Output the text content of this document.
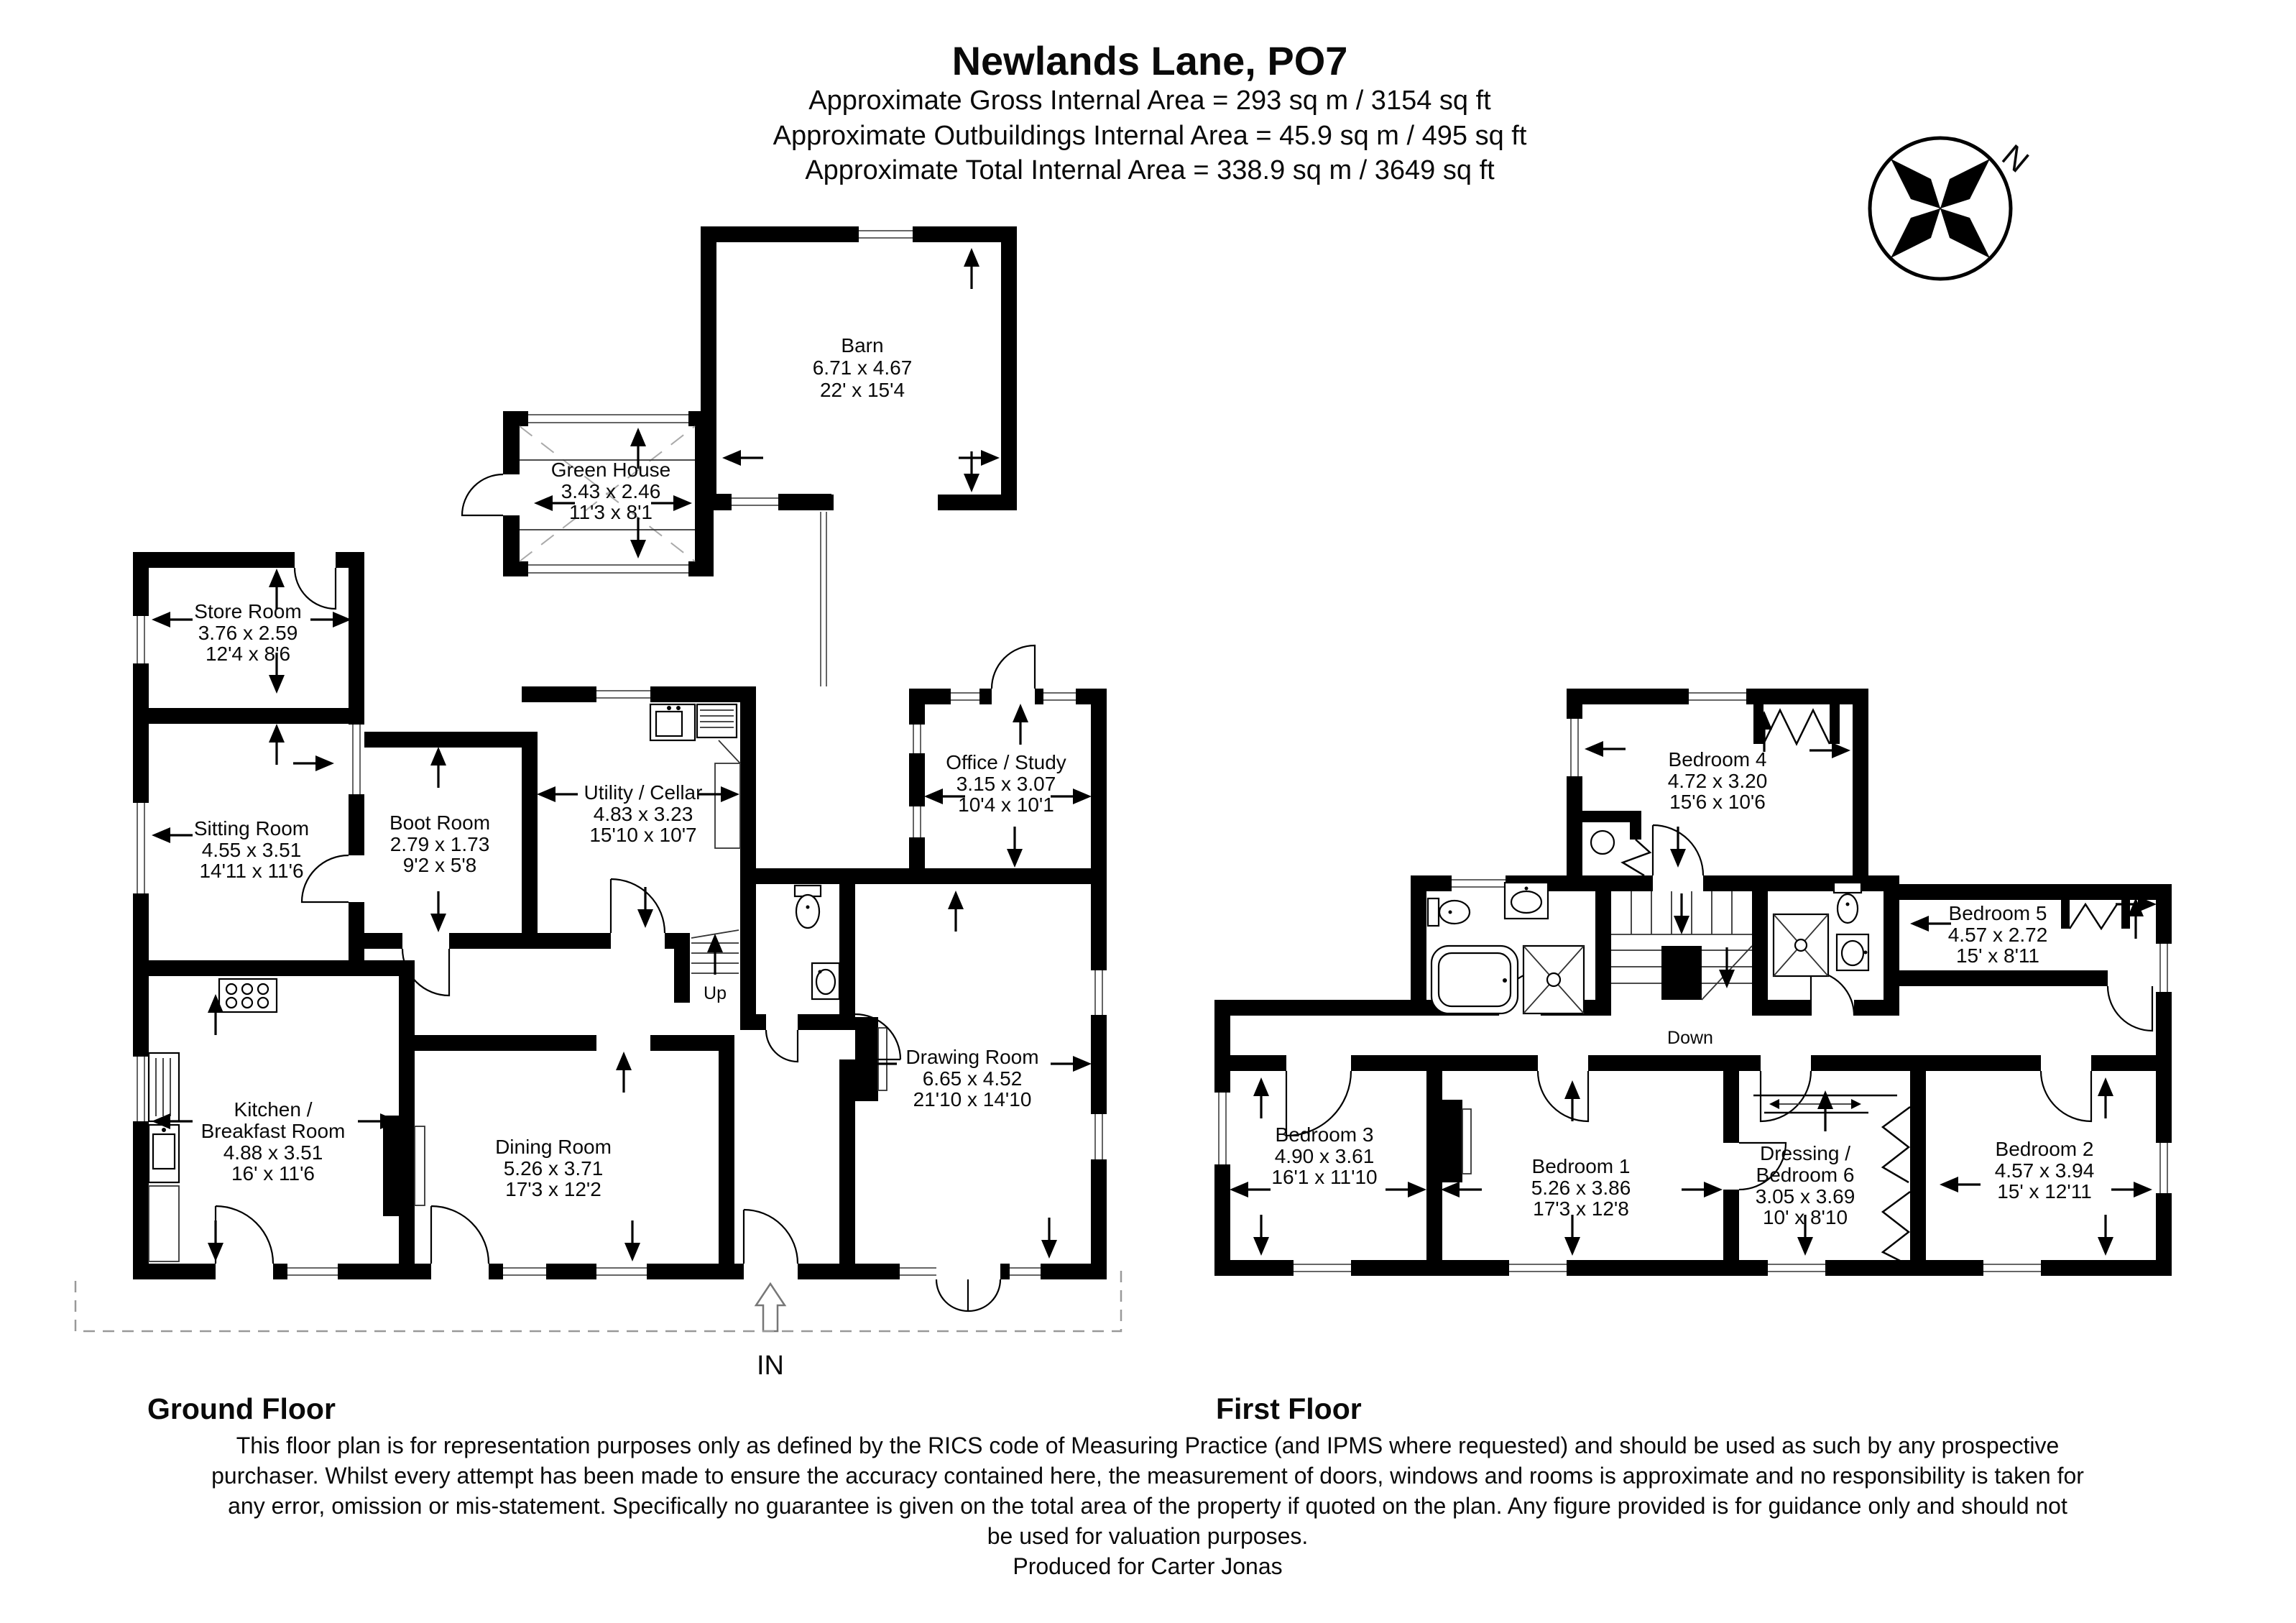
Newlands Lane, PO7
Approximate Gross Internal Area = 293 sq m / 3154 sq ft
Approximate Outbuildings Internal Area = 45.9 sq m / 495 sq ft
Approximate Total Internal Area = 338.9 sq m / 3649 sq ft	N
Barn
6.71 x 4.67
22' x 15'4
Green House
3.43 x 2.46
11'3 x 8'1
Store Room
3.76 x 2.59
12'4 x 8'6
Sitting Room
4.55 x 3.51
14'11 x 11'6
Boot Room
2.79 x 1.73
9'2 x 5'8
Utility / Cellar
4.83 x 3.23
15'10 x 10'7
Office / Study
3.15 x 3.07
10'4 x 10'1
Drawing Room
6.65 x 4.52
21'10 x 14'10
Kitchen /
Breakfast Room
4.88 x 3.51
16' x 11'6
Dining Room
5.26 x 3.71
17'3 x 12'2
Up
IN
Ground Floor
Bedroom 4
4.72 x 3.20
15'6 x 10'6
Bedroom 5
4.57 x 2.72
15' x 8'11
Bedroom 3
4.90 x 3.61
16'1 x 11'10	Bedroom 1
5.26 x 3.86
17'3 x 12'8
Dressing /
Bedroom 6
3.05 x 3.69
10' x 8'10
Bedroom 2
4.57 x 3.94
15' x 12'11
Down
First Floor
This floor plan is for representation purposes only as defined by the RICS code of Measuring Practice (and IPMS where requested) and should be used as such by any prospective
purchaser. Whilst every attempt has been made to ensure the accuracy contained here, the measurement of doors, windows and rooms is approximate and no responsibility is taken for
any error, omission or mis-statement. Specifically no guarantee is given on the total area of the property if quoted on the plan. Any figure provided is for guidance only and should not
be used for valuation purposes.
Produced for Carter Jonas
